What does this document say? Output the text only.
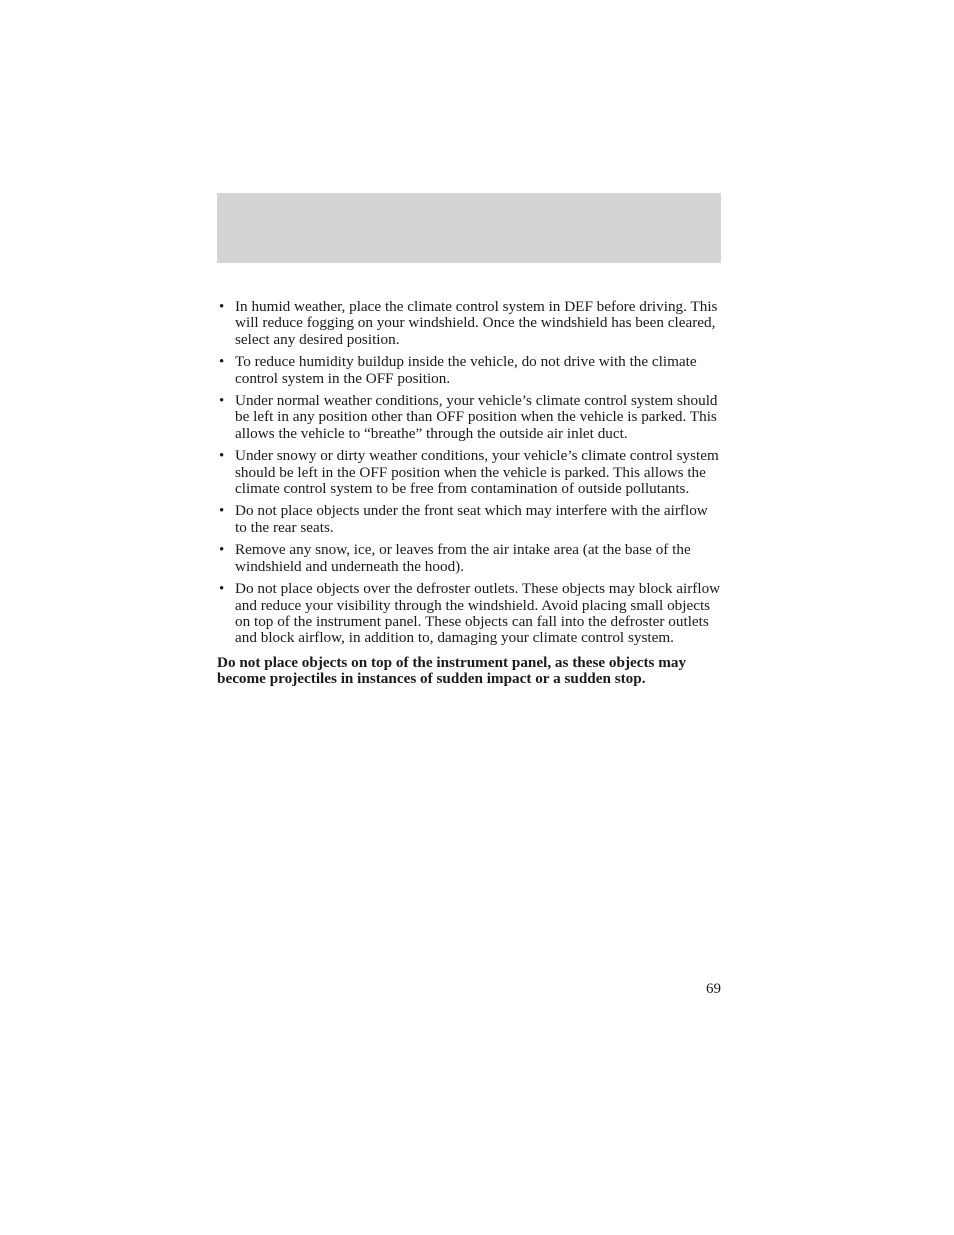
• In humid weather, place the climate control system in DEF before driving. This will reduce fogging on your windshield. Once the windshield has been cleared, select any desired position.
• To reduce humidity buildup inside the vehicle, do not drive with the climate control system in the OFF position.
• Under normal weather conditions, your vehicle’s climate control system should be left in any position other than OFF position when the vehicle is parked. This allows the vehicle to “breathe” through the outside air inlet duct.
• Under snowy or dirty weather conditions, your vehicle’s climate control system should be left in the OFF position when the vehicle is parked. This allows the climate control system to be free from contamination of outside pollutants.
• Do not place objects under the front seat which may interfere with the airflow to the rear seats.
• Remove any snow, ice, or leaves from the air intake area (at the base of the windshield and underneath the hood).
• Do not place objects over the defroster outlets. These objects may block airflow and reduce your visibility through the windshield. Avoid placing small objects on top of the instrument panel. These objects can fall into the defroster outlets and block airflow, in addition to, damaging your climate control system.

Do not place objects on top of the instrument panel, as these objects may become projectiles in instances of sudden impact or a sudden stop.

69
